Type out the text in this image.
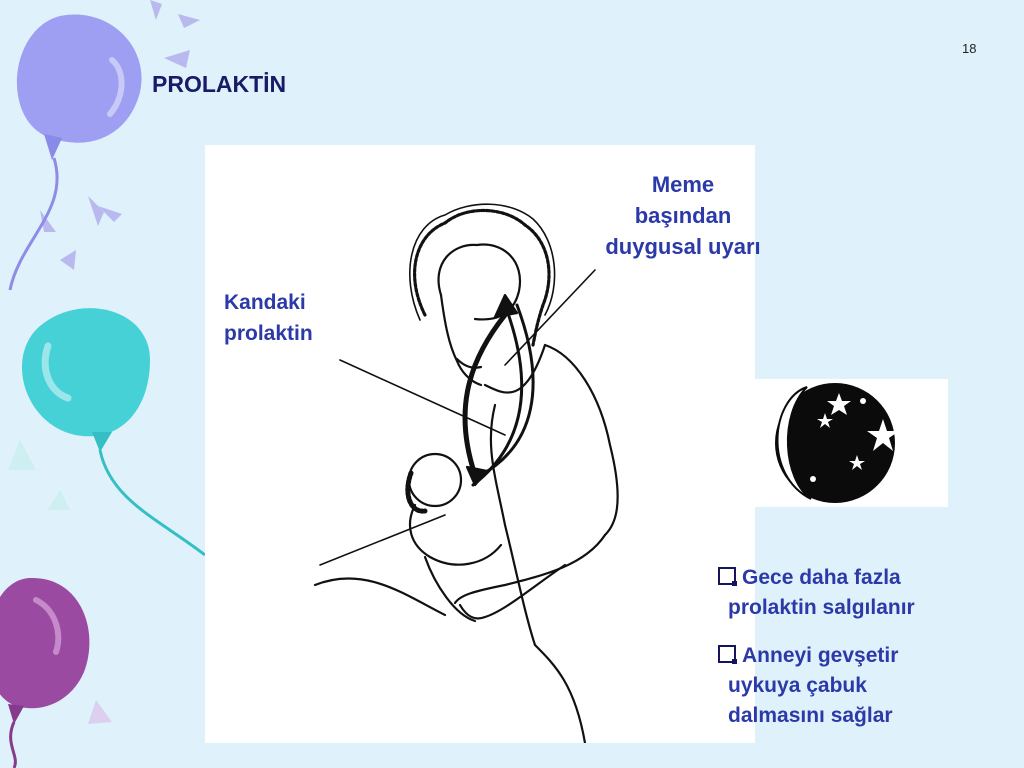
18
PROLAKTİN
Meme
başından
duygusal uyarı
Kandaki
prolaktin
Gece daha fazla
prolaktin salgılanır
Anneyi gevşetir
uykuya çabuk
dalmasını sağlar
